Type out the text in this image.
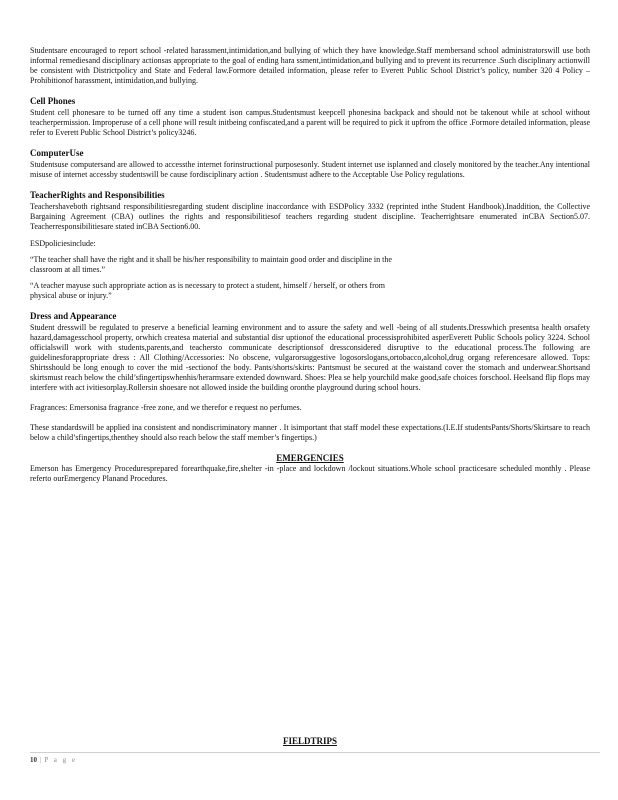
Studentsare encouraged to report school -related harassment,intimidation,and bullying of which they have knowledge.Staff membersand school administratorswill use both informal remediesand disciplinary actionsas appropriate to the goal of ending hara ssment,intimidation,and bullying and to prevent its recurrence .Such disciplinary actionwill be consistent with Districtpolicy and State and Federal law.Formore detailed information, please refer to Everett Public School District’s policy, number 320 4 Policy – Prohibitionof harassment, intimidation,and bullying.

Cell Phones

Student cell phonesare to be turned off any time a student ison campus.Studentsmust keepcell phonesina backpack and should not be takenout while at school without teacherpermission. Improperuse of a cell phone will result initbeing confiscated,and a parent will be required to pick it upfrom the office .Formore detailed information, please refer to Everett Public School District’s policy3246.

ComputerUse

Studentsuse computersand are allowed to accessthe internet forinstructional purposesonly. Student internet use isplanned and closely monitored by the teacher.Any intentional misuse of internet accessby studentswill be cause fordisciplinary action . Studentsmust adhere to the Acceptable Use Policy regulations.

TeacherRights and Responsibilities

Teachershaveboth rightsand responsibilitiesregarding student discipline inaccordance with ESDPolicy 3332 (reprinted inthe Student Handbook).Inaddition, the Collective Bargaining Agreement (CBA) outlines the rights and responsibilitiesof teachers regarding student discipline. Teacherrightsare enumerated inCBA Section5.07. Teacherresponsibilitiesare stated inCBA Section6.00.

ESDpoliciesinclude:

“The teacher shall have the right and it shall be his/her responsibility to maintain good order and discipline in the classroom at all times.”

“A teacher mayuse such appropriate action as is necessary to protect a student, himself / herself, or others from physical abuse or injury.”

Dress and Appearance

Student dresswill be regulated to preserve a beneficial learning environment and to assure the safety and well -being of all students.Dresswhich presentsa health orsafety hazard,damagesschool property, orwhich createsa material and substantial disr uptionof the educational processisprohibited asperEverett Public Schools policy 3224. School officialswill work with students,parents,and teachersto communicate descriptionsof dressconsidered disruptive to the educational process.The following are guidelinesforappropriate dress : All Clothing/Accessories: No obscene, vulgarorsuggestive logosorslogans,ortobacco,alcohol,drug organg referencesare allowed. Tops: Shirtsshould be long enough to cover the mid -sectionof the body. Pants/shorts/skirts: Pantsmust be secured at the waistand cover the stomach and underwear.Shortsand skirtsmust reach below the child’sfingertipswhenhis/herarmsare extended downward. Shoes: Plea se help yourchild make good,safe choices forschool. Heelsand flip flops may interfere with act ivitiesorplay.Rollersin shoesare not allowed inside the building oronthe playground during school hours.

Fragrances: Emersonisa fragrance -free zone, and we therefor e request no perfumes.

These standardswill be applied ina consistent and nondiscriminatory manner . It isimportant that staff model these expectations.(I.E.If studentsPants/Shorts/Skirtsare to reach below a child’sfingertips,thenthey should also reach below the staff member’s fingertips.)

EMERGENCIES

Emerson has Emergency Proceduresprepared forearthquake,fire,shelter -in -place and lockdown /lockout situations.Whole school practicesare scheduled monthly . Please referto ourEmergency Planand Procedures.

FIELDTRIPS
10 | P a g e
